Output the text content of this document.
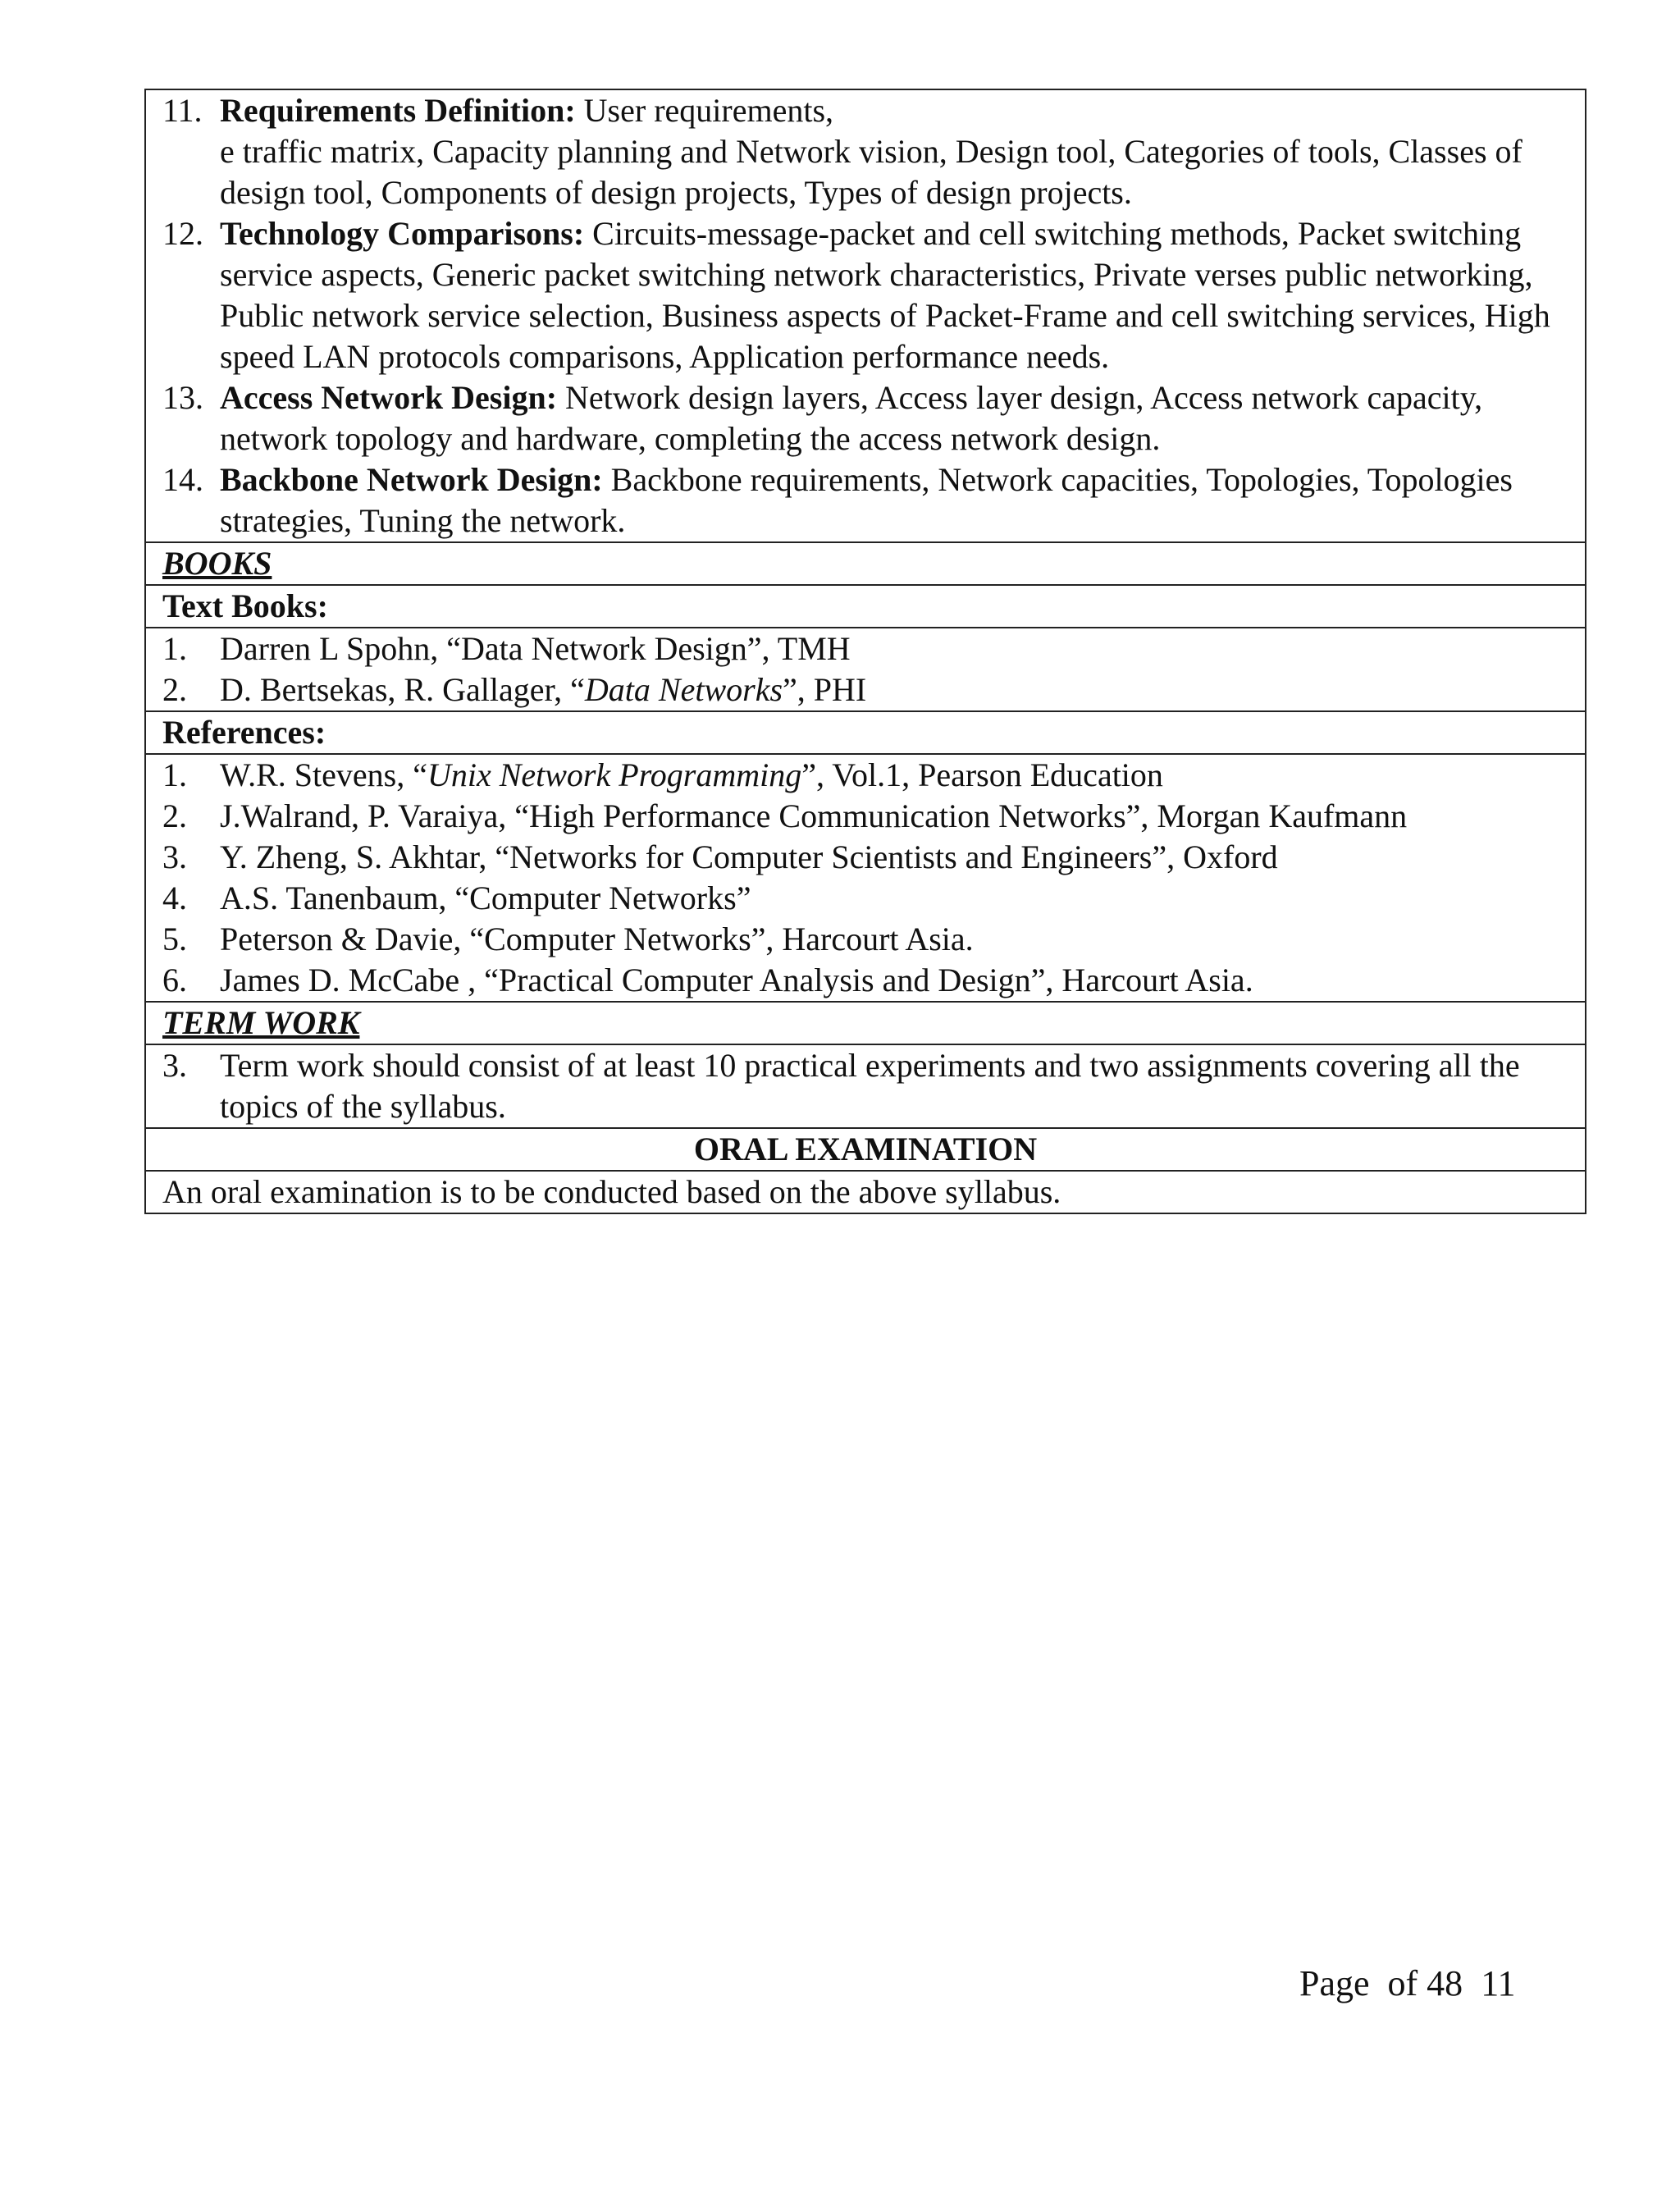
11. Requirements Definition: User requirements,
e traffic matrix, Capacity planning and Network vision, Design tool, Categories of tools, Classes of design tool, Components of design projects, Types of design projects.
12. Technology Comparisons: Circuits-message-packet and cell switching methods, Packet switching service aspects, Generic packet switching network characteristics, Private verses public networking, Public network service selection, Business aspects of Packet-Frame and cell switching services, High speed LAN protocols comparisons, Application performance needs.
13. Access Network Design: Network design layers, Access layer design, Access network capacity, network topology and hardware, completing the access network design.
14. Backbone Network Design: Backbone requirements, Network capacities, Topologies, Topologies strategies, Tuning the network.

BOOKS
Text Books:

1.	Darren L Spohn, “Data Network Design”, TMH
2.	D. Bertsekas, R. Gallager, “Data Networks”, PHI

References:

1.	W.R. Stevens, “Unix Network Programming”, Vol.1, Pearson Education
2.	J.Walrand, P. Varaiya, “High Performance Communication Networks”, Morgan Kaufmann
3.	Y. Zheng, S. Akhtar, “Networks for Computer Scientists and Engineers”, Oxford
4.	A.S. Tanenbaum, “Computer Networks”
5.	Peterson & Davie, “Computer Networks”, Harcourt Asia.
6.	James D. McCabe , “Practical Computer Analysis and Design”, Harcourt Asia.

TERM WORK

3.	Term work should consist of at least 10 practical experiments and two assignments covering all the topics of the syllabus.

ORAL EXAMINATION
An oral examination is to be conducted based on the above syllabus.
Page  of 48 11
